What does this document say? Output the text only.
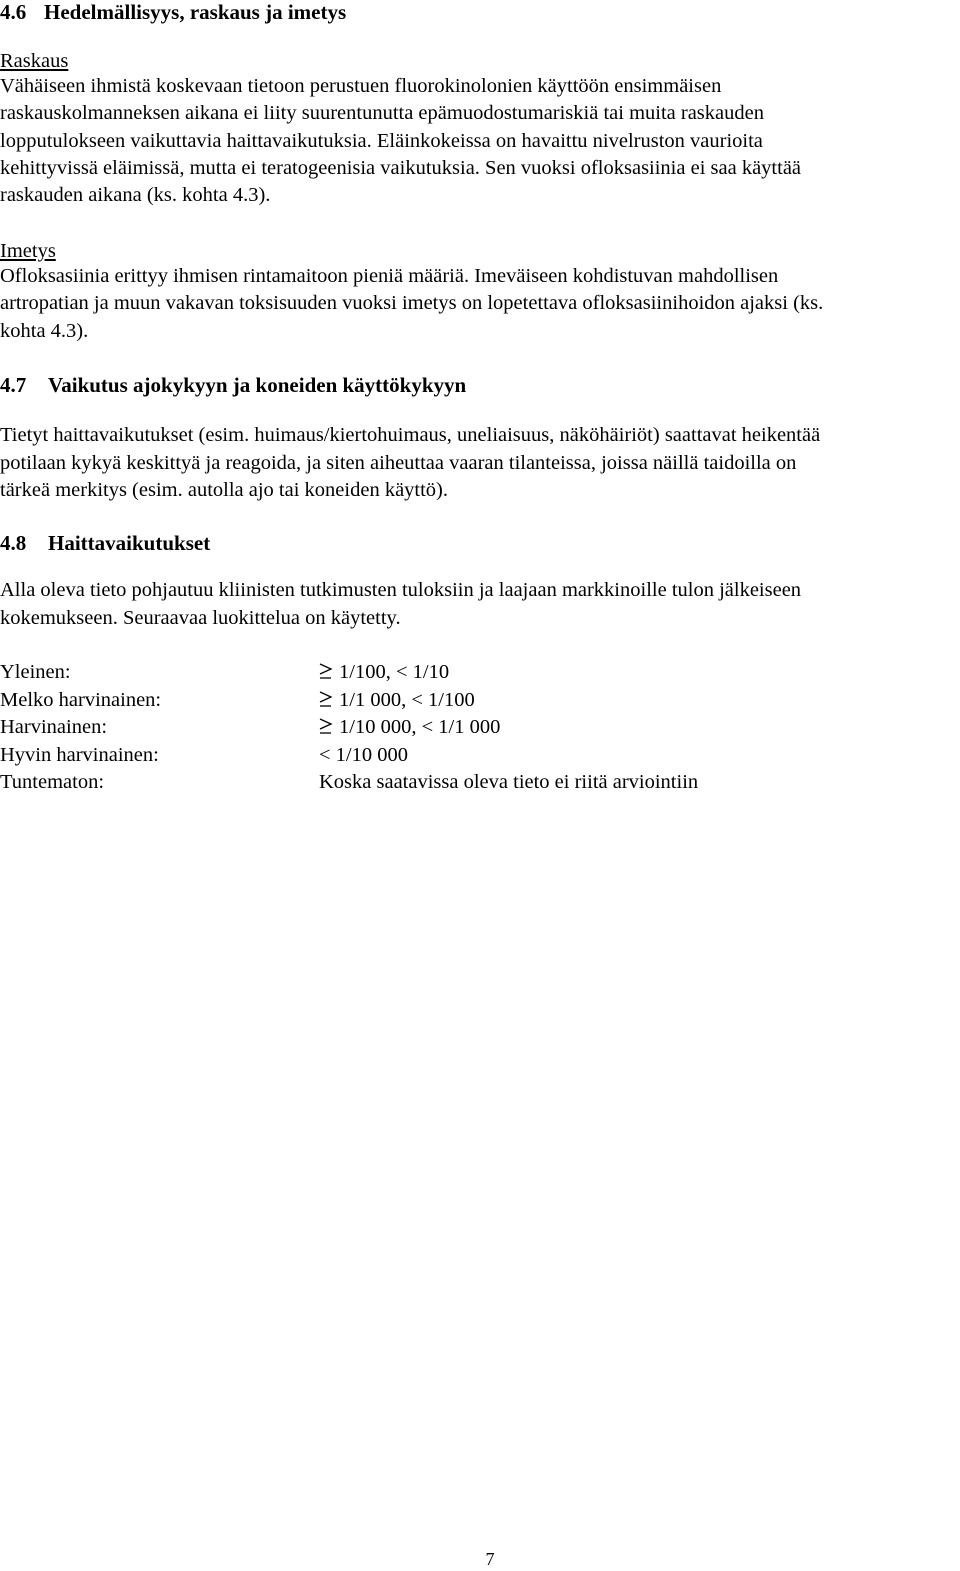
4.6 Hedelmällisyys, raskaus ja imetys
Raskaus
Vähäiseen ihmistä koskevaan tietoon perustuen fluorokinolonien käyttöön ensimmäisen
raskauskolmanneksen aikana ei liity suurentunutta epämuodostumariskiä tai muita raskauden
lopputulokseen vaikuttavia haittavaikutuksia. Eläinkokeissa on havaittu nivelruston vaurioita
kehittyvissä eläimissä, mutta ei teratogeenisia vaikutuksia. Sen vuoksi ofloksasiinia ei saa käyttää
raskauden aikana (ks. kohta 4.3).
Imetys
Ofloksasiinia erittyy ihmisen rintamaitoon pieniä määriä. Imeväiseen kohdistuvan mahdollisen
artropatian ja muun vakavan toksisuuden vuoksi imetys on lopetettava ofloksasiinihoidon ajaksi (ks.
kohta 4.3).
4.7 Vaikutus ajokykyyn ja koneiden käyttökykyyn
Tietyt haittavaikutukset (esim. huimaus/kiertohuimaus, uneliaisuus, näköhäiriöt) saattavat heikentää
potilaan kykyä keskittyä ja reagoida, ja siten aiheuttaa vaaran tilanteissa, joissa näillä taidoilla on
tärkeä merkitys (esim. autolla ajo tai koneiden käyttö).
4.8 Haittavaikutukset
Alla oleva tieto pohjautuu kliinisten tutkimusten tuloksiin ja laajaan markkinoille tulon jälkeiseen
kokemukseen. Seuraavaa luokittelua on käytetty.
Yleinen:	1/100, < 1/10
Melko harvinainen:	1/1 000, < 1/100
Harvinainen:	1/10 000, < 1/1 000
Hyvin harvinainen:	< 1/10 000
Tuntematon:	Koska saatavissa oleva tieto ei riitä arviointiin
7
